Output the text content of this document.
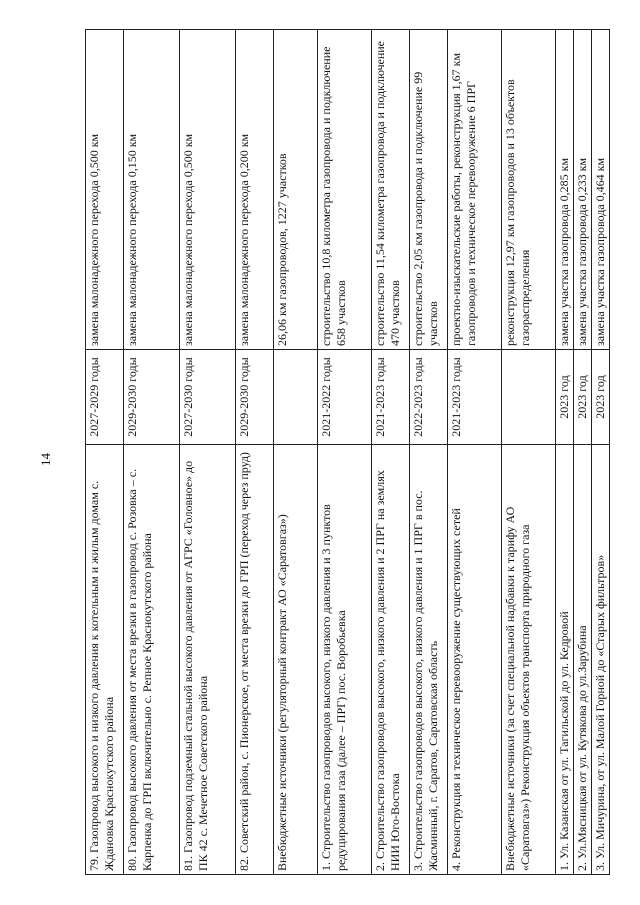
14
79. Газопровод высокого и низкого давления к котельным и жилым домам с. Ждановка Краснокутского района	2027-2029 годы	замена малонадежного перехода 0,500 км
80. Газопровод высокого давления от места врезки в газопровод с. Розовка – с. Карпенка до ГРП включительно с. Репное Краснокутского района	2029-2030 годы	замена малонадежного перехода 0,150 км
81. Газопровод подземный стальной высокого давления от АГРС «Головное» до ПК 42 с. Мечетное Советского района	2027-2030 годы	замена малонадежного перехода 0,500 км
82. Советский район, с. Пионерское, от места врезки до ГРП (переход через пруд)	2029-2030 годы	замена малонадежного перехода 0,200 км
Внебюджетные источники (регуляторный контракт АО «Саратовгаз»)		26,06 км газопроводов, 1227 участков
1. Строительство газопроводов высокого, низкого давления и 3 пунктов редуцирования газа (далее – ПРГ) пос. Воробьевка	2021-2022 годы	строительство 10,8 километра газопровода и подключение 658 участков
2. Строительство газопроводов высокого, низкого давления и 2 ПРГ на землях НИИ Юго-Востока	2021-2023 годы	строительство 11,54 километра газопровода и подключение 470 участков
3. Строительство газопроводов высокого, низкого давления и 1 ПРГ в пос. Жасминный, г. Саратов, Саратовская область	2022-2023 годы	строительство 2,05 км газопровода и подключение 99 участков
4. Реконструкция и техническое перевооружение существующих сетей	2021-2023 годы	проектно-изыскательские работы, реконструкция 1,67 км газопроводов и техническое перевооружение 6 ПРГ
Внебюджетные источники (за счет специальной надбавки к тарифу АО «Саратовгаз») Реконструкция объектов транспорта природного газа		реконструкция 12,97 км газопроводов и 13 объектов газораспределения
1. Ул. Казанская от ул. Тагильской до ул. Кедровой	2023 год	замена участка газопровода 0,285 км
2. Ул.Мясницкая от ул. Кутякова до ул.Зарубина	2023 год	замена участка газопровода 0,233 км
3. Ул. Мичурина, от ул. Малой Горной до «Старых фильтров»	2023 год	замена участка газопровода 0,464 км
